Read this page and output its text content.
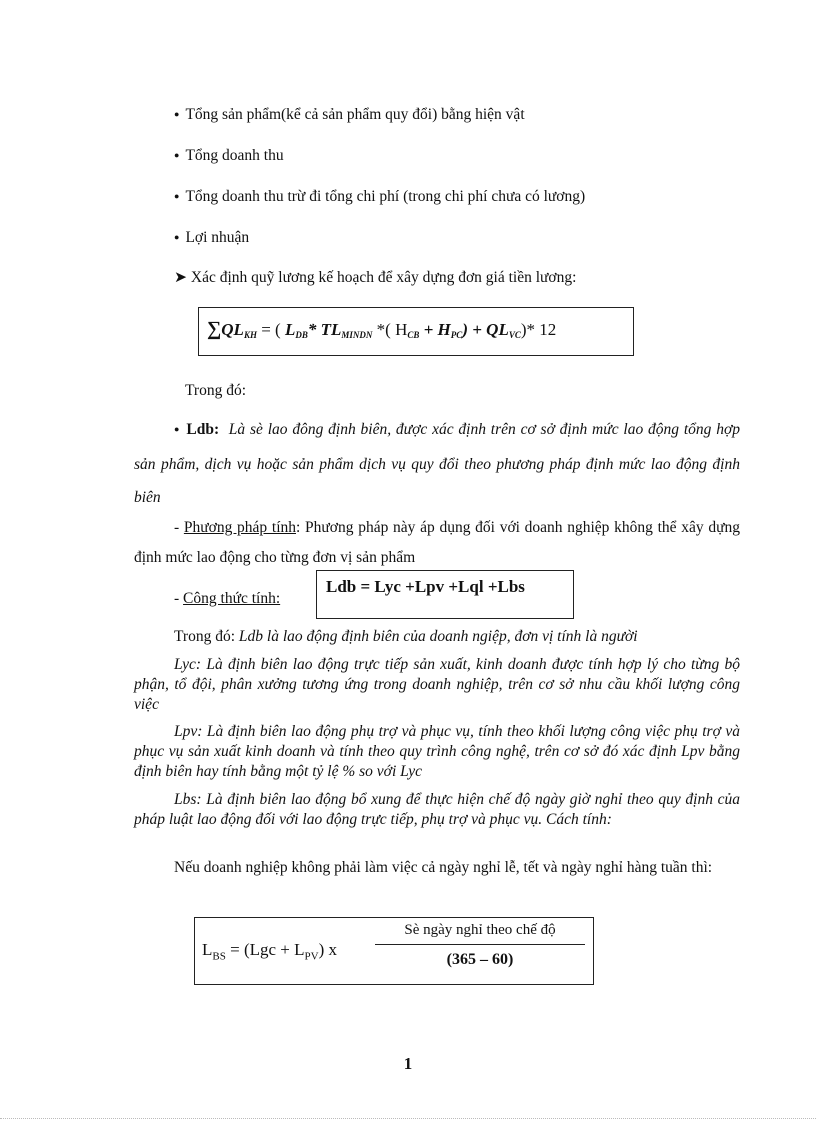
● Tổng sản phẩm(kể cả sản phẩm quy đổi) bằng hiện vật
● Tổng doanh thu
● Tổng doanh thu trừ đi tổng chi phí (trong chi phí chưa có lương)
● Lợi nhuận
➤ Xác định quỹ lương kế hoạch để xây dựng đơn giá tiền lương:
$\sum QL_{KH}$ = ( $L_{DB}*$ $TL_{MINDN}$ *( $H_{CB} + H_{PC}) + QL_{VC})*$ 12
Trong đó:
● Ldb: Là sè lao đông định biên, được xác định trên cơ sở định mức lao động tổng hợp sản phẩm, dịch vụ hoặc sản phẩm dịch vụ quy đổi theo phương pháp định mức lao động định biên
- Phương pháp tính: Phương pháp này áp dụng đối với doanh nghiệp không thể xây dựng định mức lao động cho từng đơn vị sản phẩm
- Công thức tính:
Ldb = Lyc +Lpv +Lql +Lbs
Trong đó: Ldb là lao động định biên của doanh ngiệp, đơn vị tính là người
Lyc: Là định biên lao động trực tiếp sản xuất, kinh doanh được tính hợp lý cho từng bộ phận, tổ đội, phân xưởng tương ứng trong doanh nghiệp, trên cơ sở nhu cầu khối lượng công việc
Lpv: Là định biên lao động phụ trợ và phục vụ, tính theo khối lượng công việc phụ trợ và phục vụ sản xuất kinh doanh và tính theo quy trình công nghệ, trên cơ sở đó xác định Lpv bằng định biên hay tính bằng một tỷ lệ % so với Lyc
Lbs: Là định biên lao động bổ xung để thực hiện chế độ ngày giờ nghỉ theo quy định của pháp luật lao động đối với lao động trực tiếp, phụ trợ và phục vụ. Cách tính:
Nếu doanh nghiệp không phải làm việc cả ngày nghỉ lễ, tết và ngày nghỉ hàng tuần thì:
$L_{BS} = (Lgc + L_{PV})$ x
Sè ngày nghỉ theo chế độ
(365 – 60)
1
